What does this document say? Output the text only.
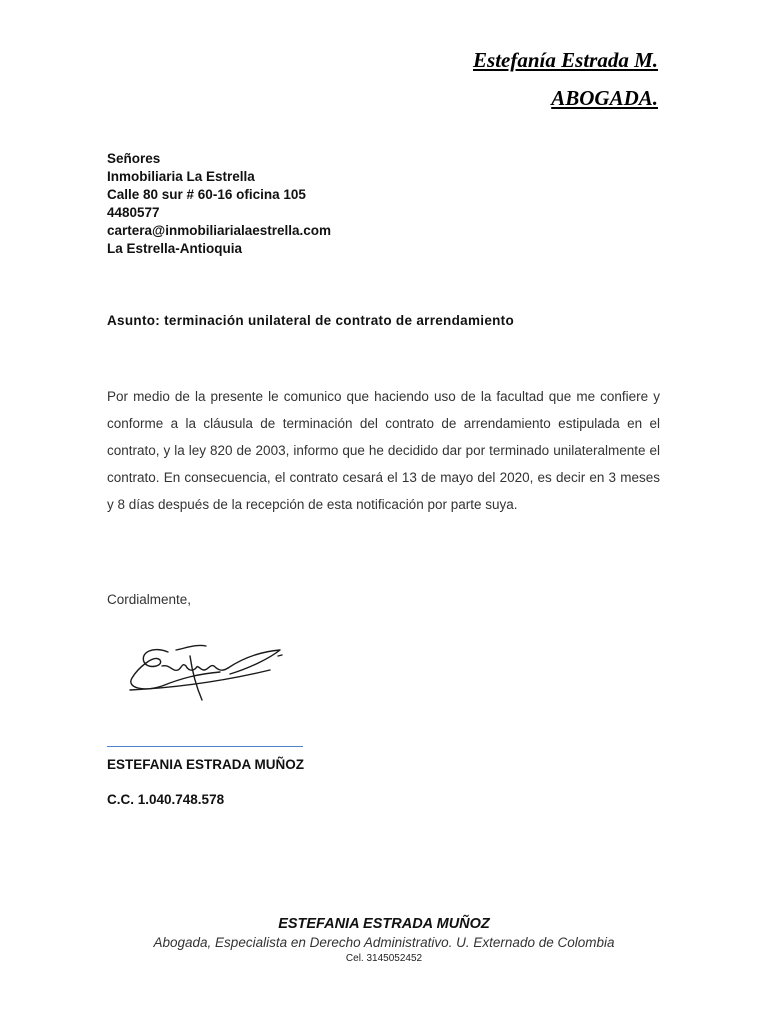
Estefanía Estrada M.
ABOGADA.
Señores
Inmobiliaria La Estrella
Calle 80 sur # 60-16 oficina 105
4480577
cartera@inmobiliarialaestrella.com
La Estrella-Antioquia
Asunto: terminación unilateral de contrato de arrendamiento
Por medio de la presente le comunico que haciendo uso de la facultad que me confiere y conforme a la cláusula de terminación del contrato de arrendamiento estipulada en el contrato, y la ley 820 de 2003, informo que he decidido dar por terminado unilateralmente el contrato. En consecuencia, el contrato cesará el 13 de mayo del 2020, es decir en 3 meses y 8 días después de la recepción de esta notificación por parte suya.
Cordialmente,
ESTEFANIA ESTRADA MUÑOZ
C.C. 1.040.748.578
ESTEFANIA ESTRADA MUÑOZ
Abogada, Especialista en Derecho Administrativo. U. Externado de Colombia
Cel. 3145052452
